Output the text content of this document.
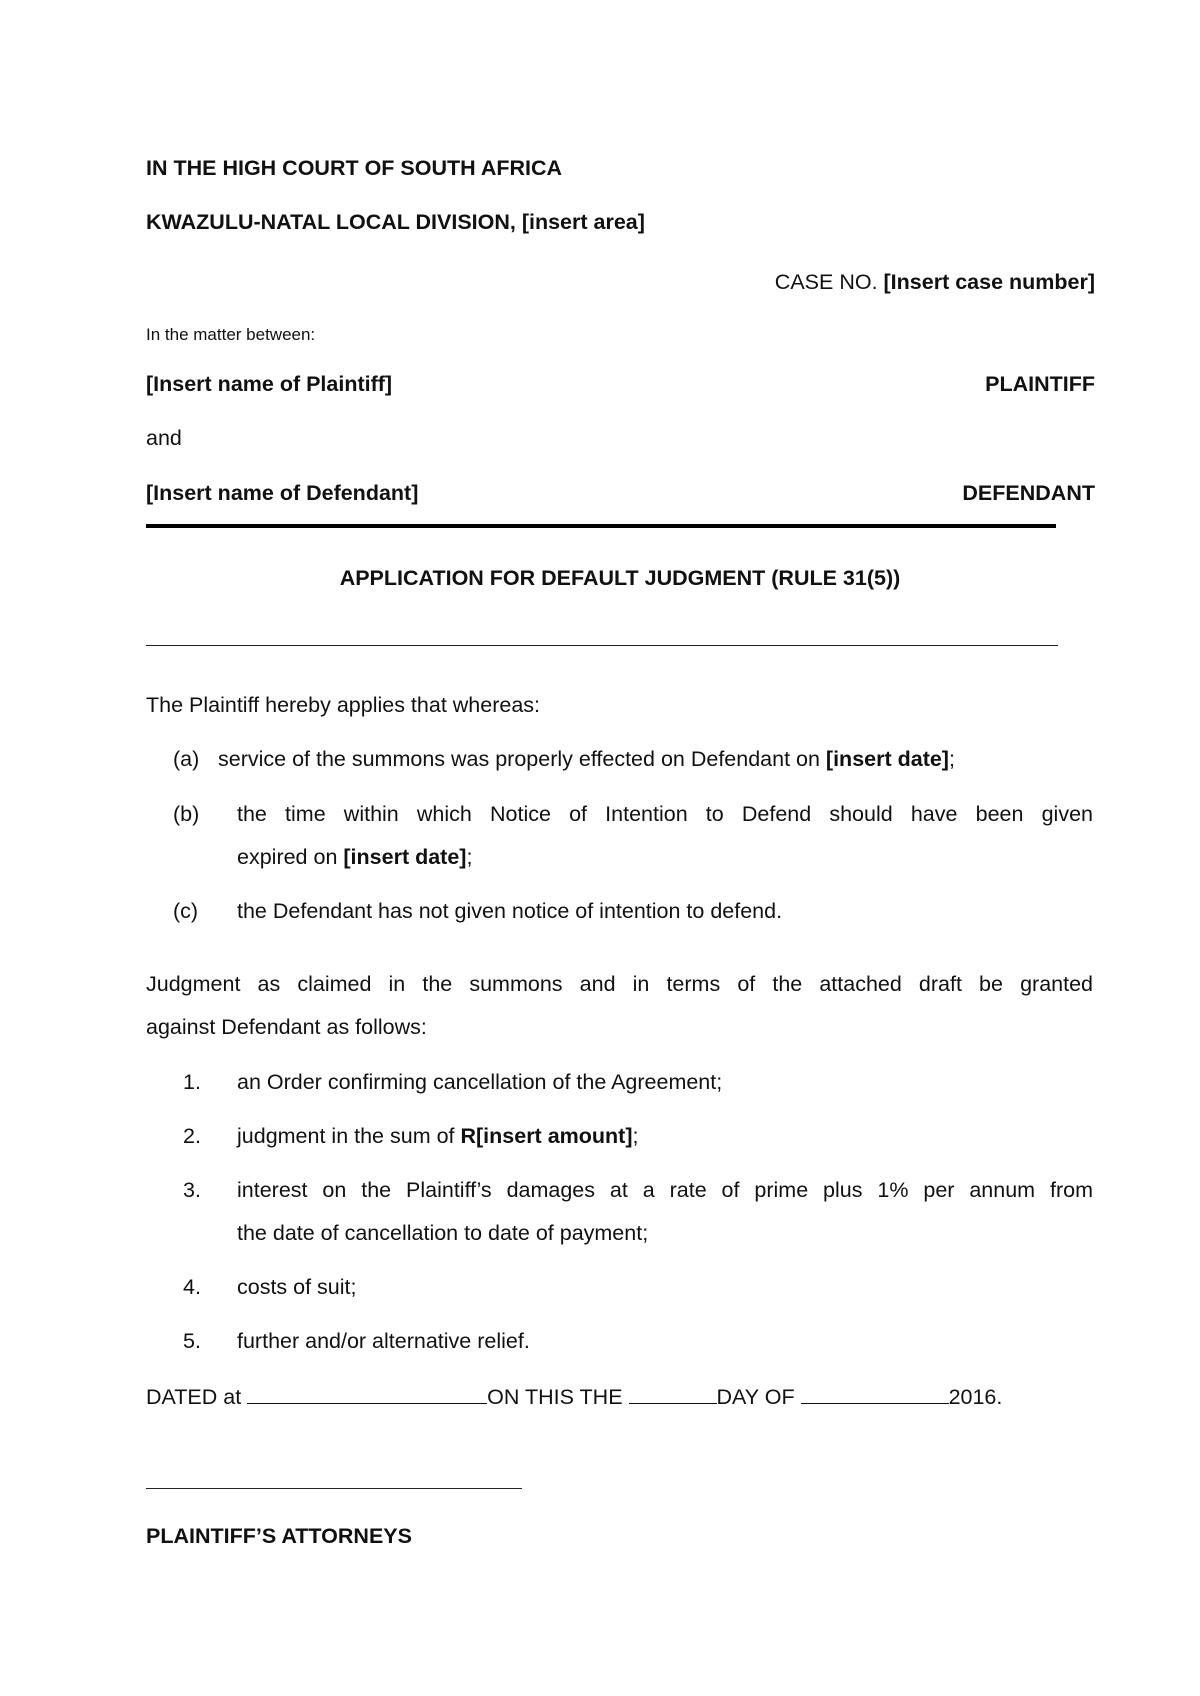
IN THE HIGH COURT OF SOUTH AFRICA
KWAZULU-NATAL LOCAL DIVISION, [insert area]
CASE NO. [Insert case number]
In the matter between:
[Insert name of Plaintiff]	PLAINTIFF
and
[Insert name of Defendant]	DEFENDANT
APPLICATION FOR DEFAULT JUDGMENT (RULE 31(5))
The Plaintiff hereby applies that whereas:
(a) service of the summons was properly effected on Defendant on [insert date];
(b) the time within which Notice of Intention to Defend should have been given
expired on [insert date];
(c) the Defendant has not given notice of intention to defend.
Judgment as claimed in the summons and in terms of the attached draft be granted
against Defendant as follows:
1. an Order confirming cancellation of the Agreement;
2. judgment in the sum of R[insert amount];
3. interest on the Plaintiff’s damages at a rate of prime plus 1% per annum from
the date of cancellation to date of payment;
4. costs of suit;
5. further and/or alternative relief.
DATED at	ON THIS THE	DAY OF	2016.
PLAINTIFF’S ATTORNEYS
